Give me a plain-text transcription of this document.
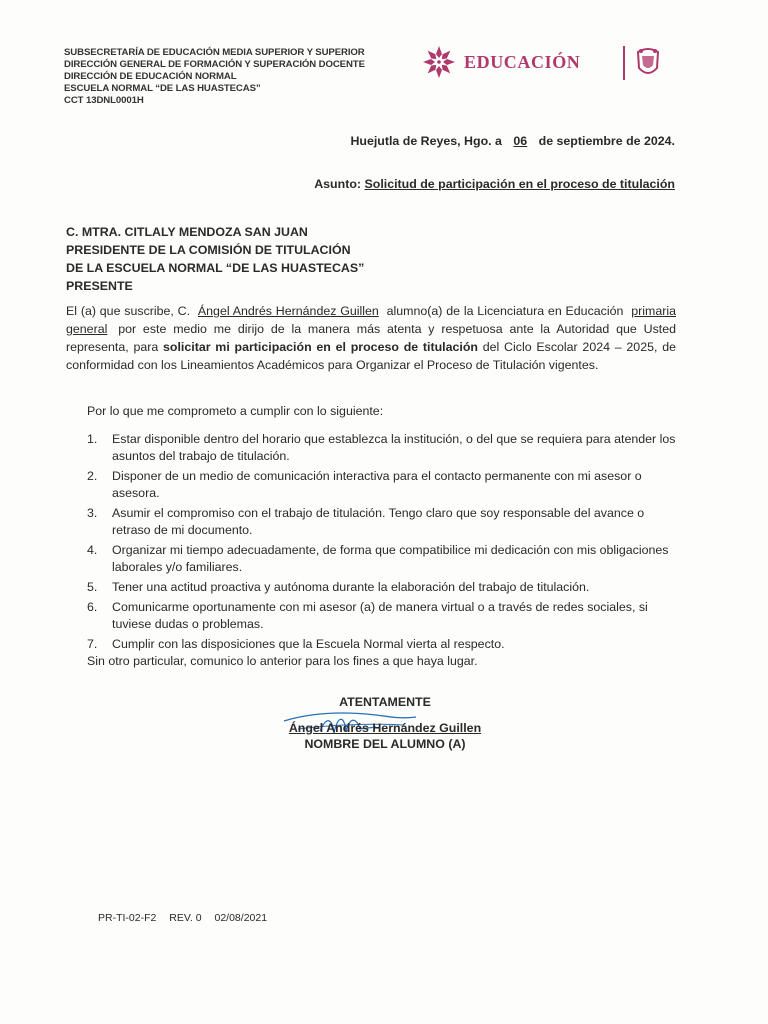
SUBSECRETARÍA DE EDUCACIÓN MEDIA SUPERIOR Y SUPERIOR
DIRECCIÓN GENERAL DE FORMACIÓN Y SUPERACIÓN DOCENTE
DIRECCIÓN DE EDUCACIÓN NORMAL
ESCUELA NORMAL “DE LAS HUASTECAS”
CCT 13DNL0001H
EDUCACIÓN
Huejutla de Reyes, Hgo. a 06 de septiembre de 2024.
Asunto: Solicitud de participación en el proceso de titulación
C. MTRA. CITLALY MENDOZA SAN JUAN
PRESIDENTE DE LA COMISIÓN DE TITULACIÓN
DE LA ESCUELA NORMAL “DE LAS HUASTECAS”
PRESENTE
El (a) que suscribe, C. Ángel Andrés Hernández Guillen alumno(a) de la Licenciatura en Educación primaria general por este medio me dirijo de la manera más atenta y respetuosa ante la Autoridad que Usted representa, para solicitar mi participación en el proceso de titulación del Ciclo Escolar 2024 – 2025, de conformidad con los Lineamientos Académicos para Organizar el Proceso de Titulación vigentes.
Por lo que me comprometo a cumplir con lo siguiente:
1.	Estar disponible dentro del horario que establezca la institución, o del que se requiera para atender los asuntos del trabajo de titulación.
2.	Disponer de un medio de comunicación interactiva para el contacto permanente con mi asesor o asesora.
3.	Asumir el compromiso con el trabajo de titulación. Tengo claro que soy responsable del avance o retraso de mi documento.
4.	Organizar mi tiempo adecuadamente, de forma que compatibilice mi dedicación con mis obligaciones laborales y/o familiares.
5.	Tener una actitud proactiva y autónoma durante la elaboración del trabajo de titulación.
6.	Comunicarme oportunamente con mi asesor (a) de manera virtual o a través de redes sociales, si tuviese dudas o problemas.
7.	Cumplir con las disposiciones que la Escuela Normal vierta al respecto.
Sin otro particular, comunico lo anterior para los fines a que haya lugar.
ATENTAMENTE
Ángel Andrés Hernández Guillen
NOMBRE DEL ALUMNO (A)
PR-TI-02-F2 REV. 0 02/08/2021
